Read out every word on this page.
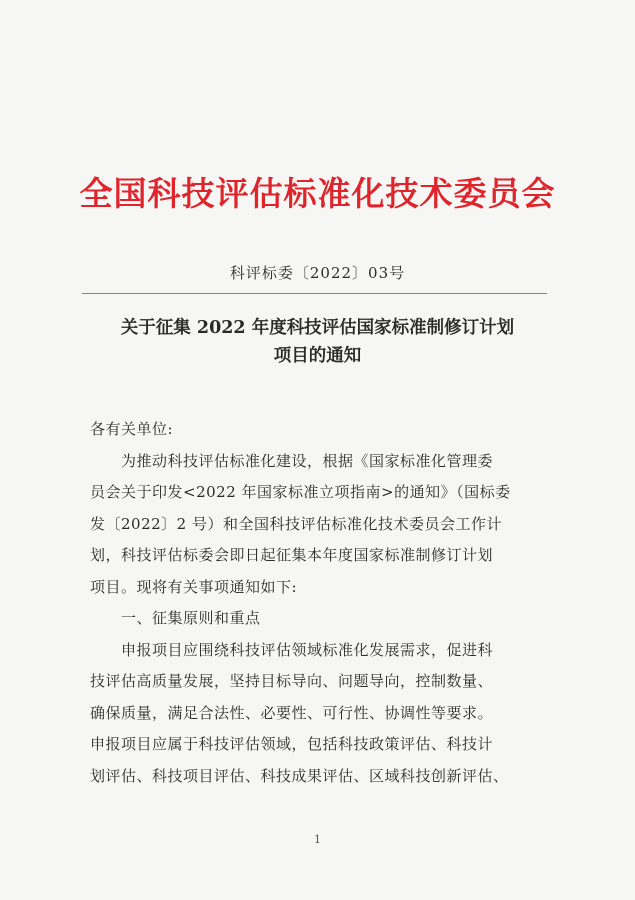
全国科技评估标准化技术委员会
科评标委〔2022〕03号
关于征集 2022 年度科技评估国家标准制修订计划
项目的通知
各有关单位:
　　为推动科技评估标准化建设，根据《国家标准化管理委
员会关于印发<2022 年国家标准立项指南>的通知》（国标委
发〔2022〕2 号）和全国科技评估标准化技术委员会工作计
划，科技评估标委会即日起征集本年度国家标准制修订计划
项目。现将有关事项通知如下:
　　一、征集原则和重点
　　申报项目应围绕科技评估领域标准化发展需求，促进科
技评估高质量发展，坚持目标导向、问题导向，控制数量、
确保质量，满足合法性、必要性、可行性、协调性等要求。
申报项目应属于科技评估领域，包括科技政策评估、科技计
划评估、科技项目评估、科技成果评估、区域科技创新评估、
1
